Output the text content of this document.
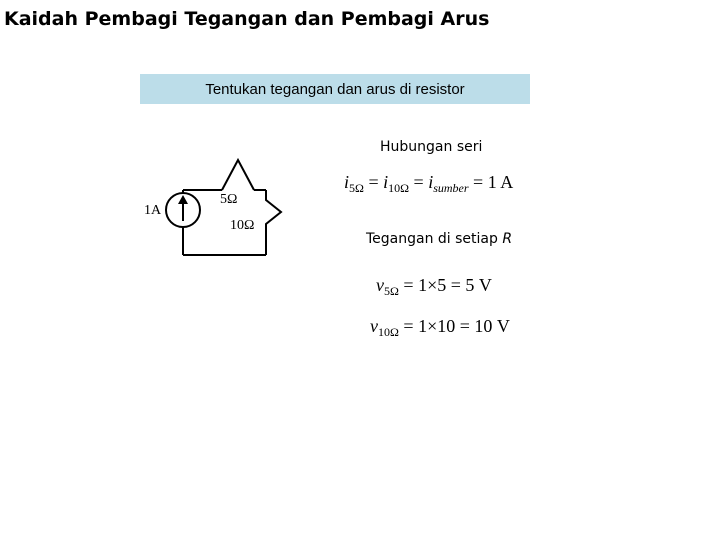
Kaidah Pembagi Tegangan dan Pembagi Arus
Tentukan tegangan dan arus di resistor
1A
5Ω
10Ω
Hubungan seri
$i_{5\Omega} = i_{10\Omega} = i_{sumber} = 1$ A
Tegangan di setiap R
$v_{5\Omega} = 1\times 5 = 5$ V
$v_{10\Omega} = 1\times 10 = 10$ V
